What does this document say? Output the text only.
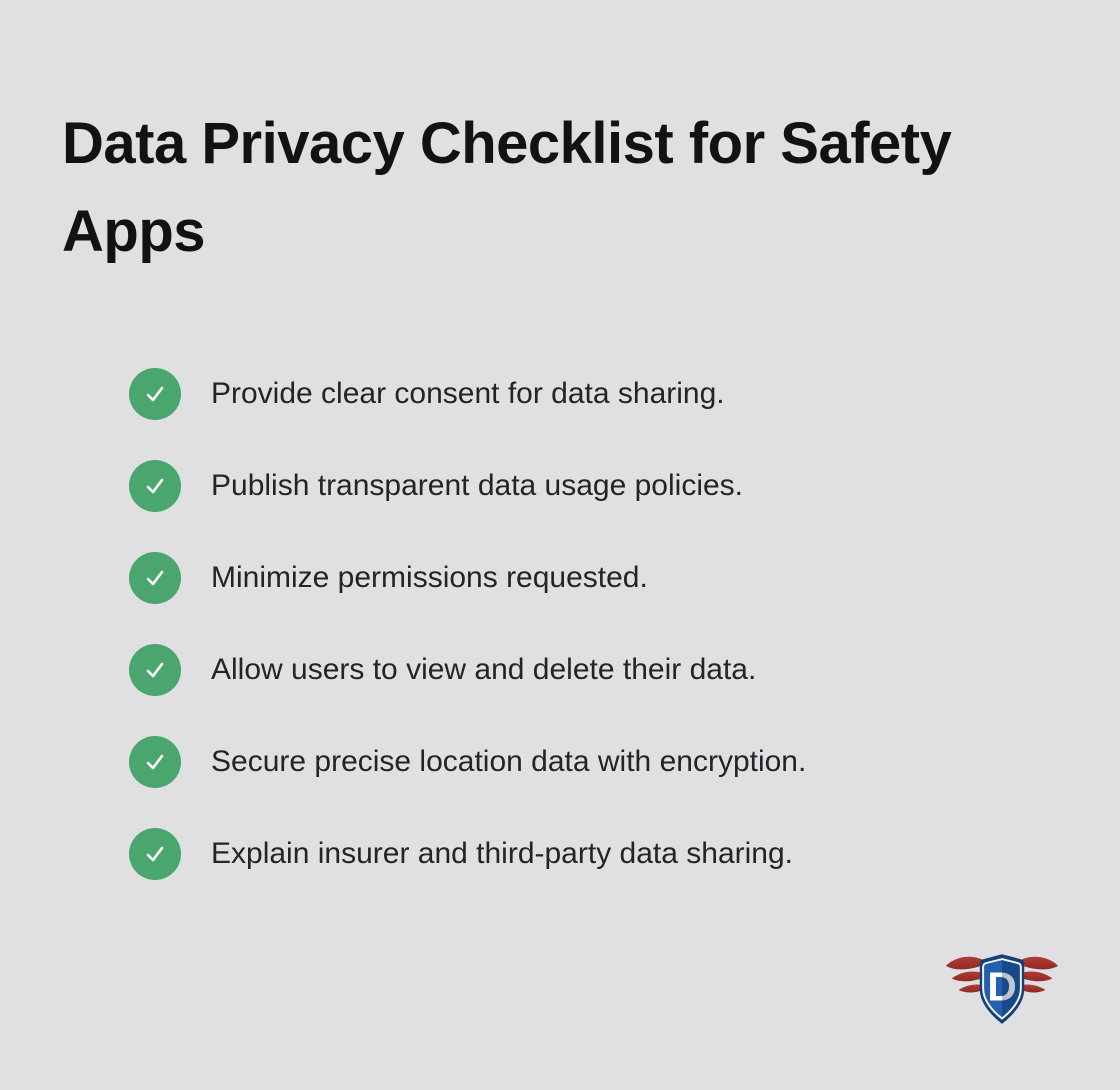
Data Privacy Checklist for Safety Apps
Provide clear consent for data sharing.
Publish transparent data usage policies.
Minimize permissions requested.
Allow users to view and delete their data.
Secure precise location data with encryption.
Explain insurer and third-party data sharing.
D
